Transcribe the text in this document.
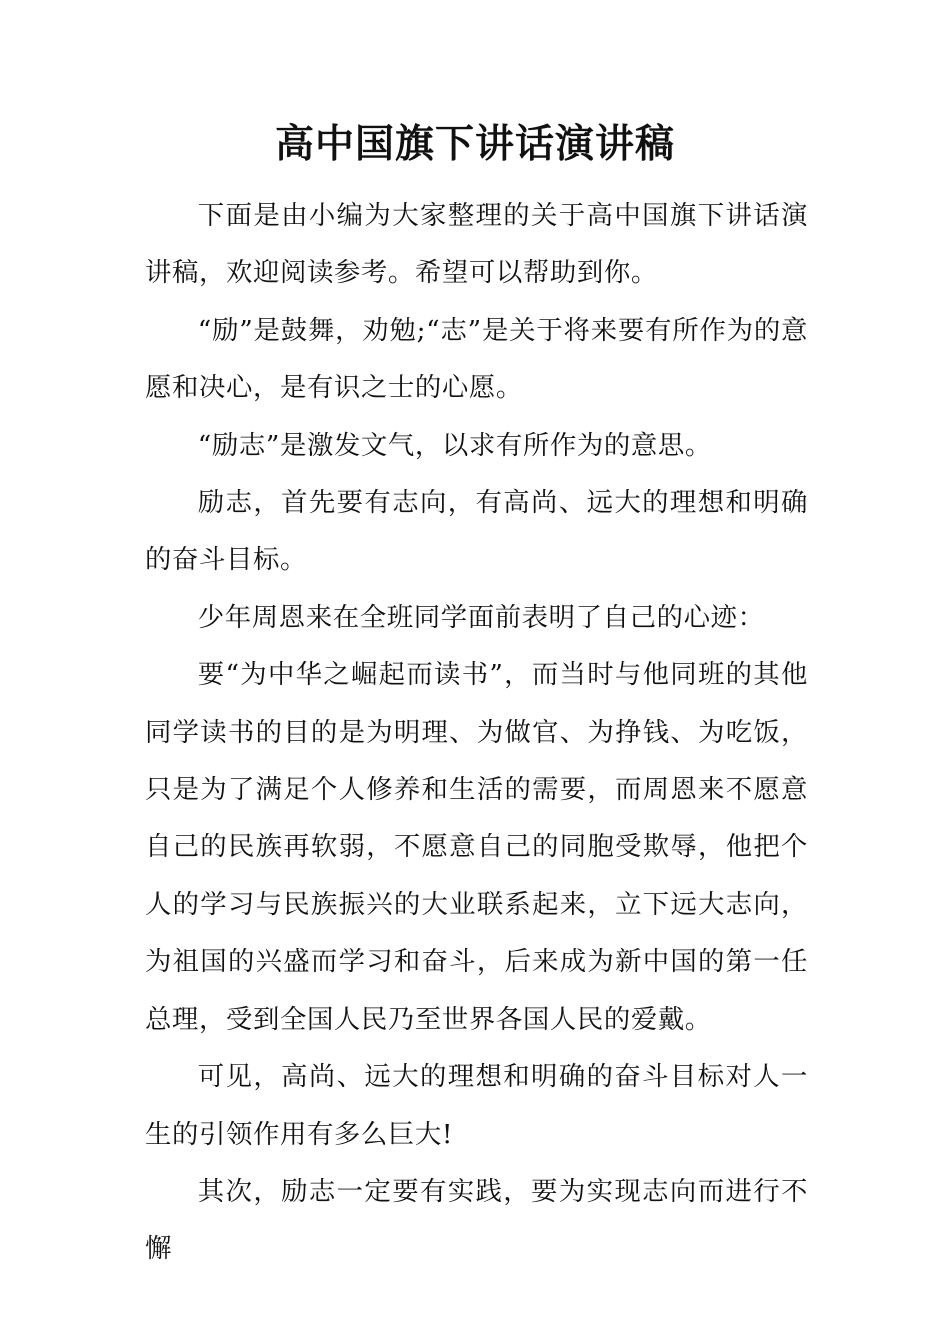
高中国旗下讲话演讲稿

下面是由小编为大家整理的关于高中国旗下讲话演讲稿，欢迎阅读参考。希望可以帮助到你。

“励”是鼓舞，劝勉;“志”是关于将来要有所作为的意愿和决心，是有识之士的心愿。

“励志”是激发文气，以求有所作为的意思。

励志，首先要有志向，有高尚、远大的理想和明确的奋斗目标。

少年周恩来在全班同学面前表明了自己的心迹：

要“为中华之崛起而读书”，而当时与他同班的其他同学读书的目的是为明理、为做官、为挣钱、为吃饭，只是为了满足个人修养和生活的需要，而周恩来不愿意自己的民族再软弱，不愿意自己的同胞受欺辱，他把个人的学习与民族振兴的大业联系起来，立下远大志向，为祖国的兴盛而学习和奋斗，后来成为新中国的第一任总理，受到全国人民乃至世界各国人民的爱戴。

可见，高尚、远大的理想和明确的奋斗目标对人一生的引领作用有多么巨大!

其次，励志一定要有实践，要为实现志向而进行不懈
